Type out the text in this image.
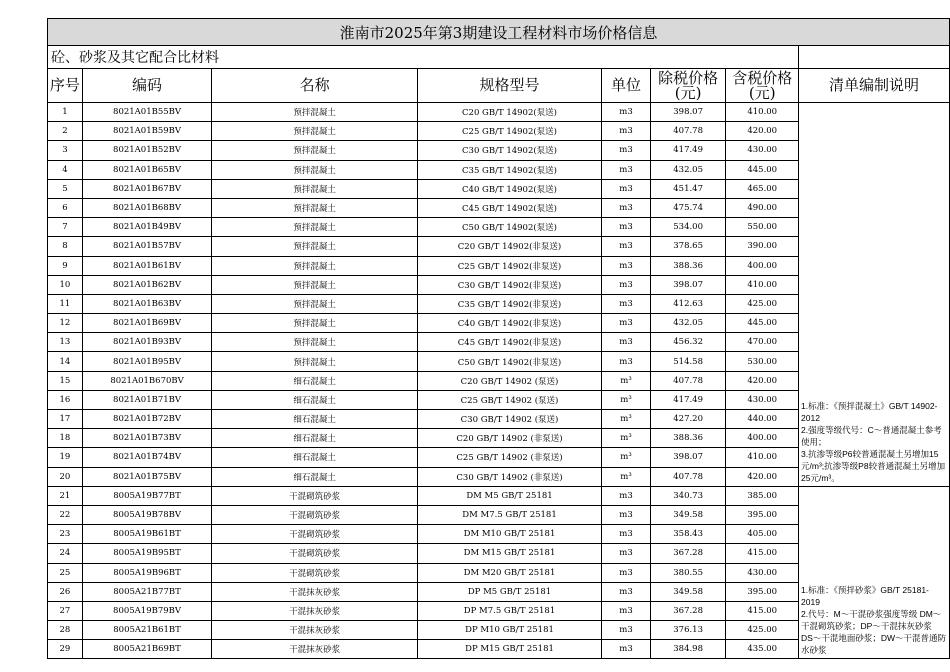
淮南市2025年第3期建设工程材料市场价格信息							
砼、砂浆及其它配合比材料							
序号	编码	名称	规格型号	单位	除税价格(元)	含税价格(元)	清单编制说明
1	8021A01B55BV	预拌混凝土	C20 GB/T 14902(泵送)	m3	398.07	410.00	1.标准：《预拌混凝土》GB/T 14902-2012

2.强度等级代号：C～普通混凝土参考使用；

3.抗渗等级P6较普通混凝土另增加15元/m³;抗渗等级P8较普通混凝土另增加25元/m³。

2	8021A01B59BV	预拌混凝土	C25 GB/T 14902(泵送)	m3	407.78	420.00	
3	8021A01B52BV	预拌混凝土	C30 GB/T 14902(泵送)	m3	417.49	430.00	
4	8021A01B65BV	预拌混凝土	C35 GB/T 14902(泵送)	m3	432.05	445.00	
5	8021A01B67BV	预拌混凝土	C40 GB/T 14902(泵送)	m3	451.47	465.00	
6	8021A01B68BV	预拌混凝土	C45 GB/T 14902(泵送)	m3	475.74	490.00	
7	8021A01B49BV	预拌混凝土	C50 GB/T 14902(泵送)	m3	534.00	550.00	
8	8021A01B57BV	预拌混凝土	C20 GB/T 14902(非泵送)	m3	378.65	390.00	
9	8021A01B61BV	预拌混凝土	C25 GB/T 14902(非泵送)	m3	388.36	400.00	
10	8021A01B62BV	预拌混凝土	C30 GB/T 14902(非泵送)	m3	398.07	410.00	
11	8021A01B63BV	预拌混凝土	C35 GB/T 14902(非泵送)	m3	412.63	425.00	
12	8021A01B69BV	预拌混凝土	C40 GB/T 14902(非泵送)	m3	432.05	445.00	
13	8021A01B93BV	预拌混凝土	C45 GB/T 14902(非泵送)	m3	456.32	470.00	
14	8021A01B95BV	预拌混凝土	C50 GB/T 14902(非泵送)	m3	514.58	530.00	
15	8021A01B670BV	细石混凝土	C20 GB/T 14902 (泵送)	m³	407.78	420.00	
16	8021A01B71BV	细石混凝土	C25 GB/T 14902 (泵送)	m³	417.49	430.00	
17	8021A01B72BV	细石混凝土	C30 GB/T 14902 (泵送)	m³	427.20	440.00	
18	8021A01B73BV	细石混凝土	C20 GB/T 14902 (非泵送)	m³	388.36	400.00	
19	8021A01B74BV	细石混凝土	C25 GB/T 14902 (非泵送)	m³	398.07	410.00	
20	8021A01B75BV	细石混凝土	C30 GB/T 14902 (非泵送)	m³	407.78	420.00	
21	8005A19B77BT	干混砌筑砂浆	DM M5 GB/T 25181	m3	340.73	385.00	1.标准：《预拌砂浆》GB/T 25181-2019

2.代号：M～干混砂浆强度等级 DM～干混砌筑砂浆；DP～干混抹灰砂浆

DS～干混地面砂浆；DW～干混普通防水砂浆

22	8005A19B78BV	干混砌筑砂浆	DM M7.5 GB/T 25181	m3	349.58	395.00	
23	8005A19B61BT	干混砌筑砂浆	DM M10 GB/T 25181	m3	358.43	405.00	
24	8005A19B95BT	干混砌筑砂浆	DM M15 GB/T 25181	m3	367.28	415.00	
25	8005A19B96BT	干混砌筑砂浆	DM M20 GB/T 25181	m3	380.55	430.00	
26	8005A21B77BT	干混抹灰砂浆	DP M5 GB/T 25181	m3	349.58	395.00	
27	8005A19B79BV	干混抹灰砂浆	DP M7.5 GB/T 25181	m3	367.28	415.00	
28	8005A21B61BT	干混抹灰砂浆	DP M10 GB/T 25181	m3	376.13	425.00	
29	8005A21B69BT	干混抹灰砂浆	DP M15 GB/T 25181	m3	384.98	435.00	
